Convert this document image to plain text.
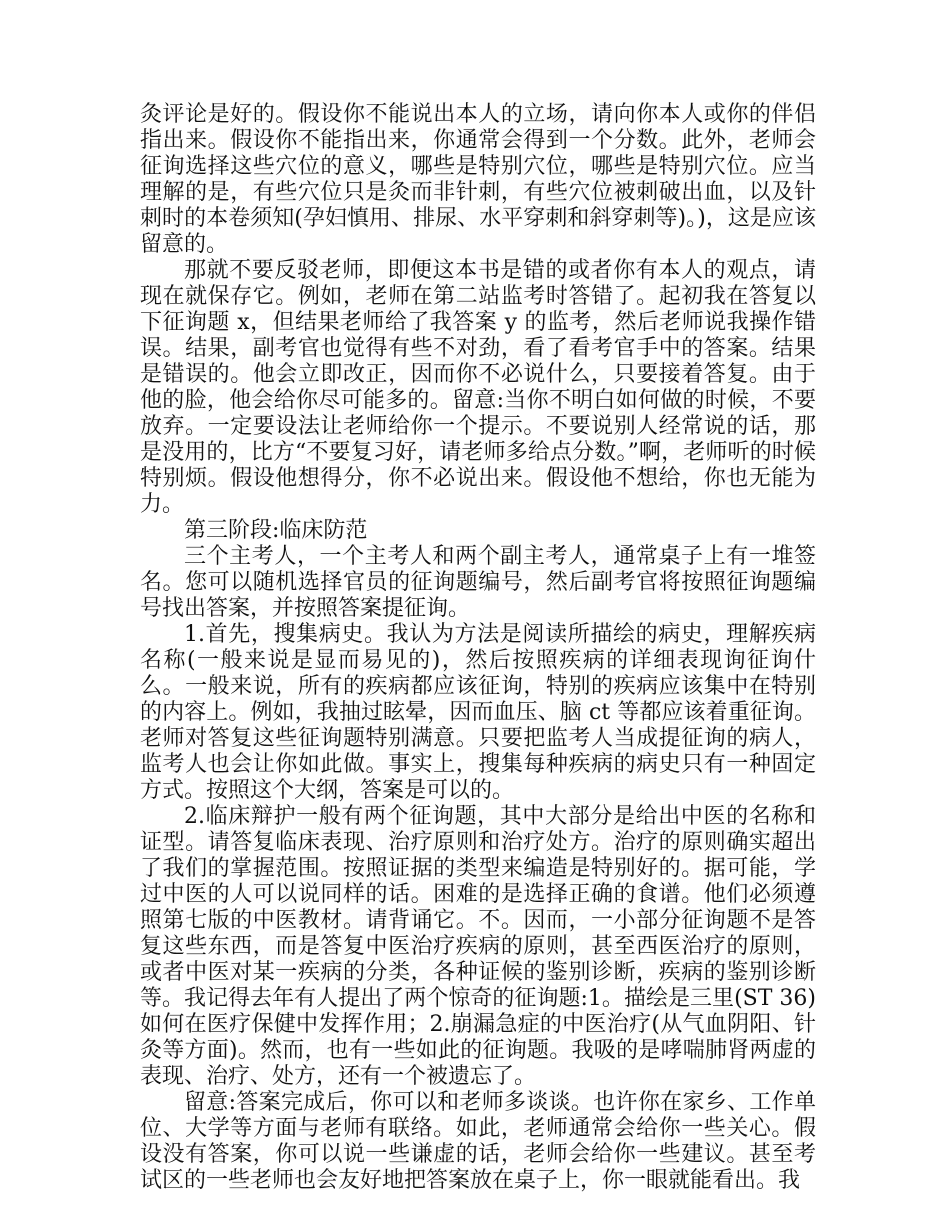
灸评论是好的。假设你不能说出本人的立场，请向你本人或你的伴侣指出来。假设你不能指出来，你通常会得到一个分数。此外，老师会征询选择这些穴位的意义，哪些是特别穴位，哪些是特别穴位。应当理解的是，有些穴位只是灸而非针刺，有些穴位被刺破出血，以及针刺时的本卷须知(孕妇慎用、排尿、水平穿刺和斜穿刺等)。)，这是应该留意的。

那就不要反驳老师，即便这本书是错的或者你有本人的观点，请现在就保存它。例如，老师在第二站监考时答错了。起初我在答复以下征询题 x，但结果老师给了我答案 y 的监考，然后老师说我操作错误。结果，副考官也觉得有些不对劲，看了看考官手中的答案。结果是错误的。他会立即改正，因而你不必说什么，只要接着答复。由于他的脸，他会给你尽可能多的。留意:当你不明白如何做的时候，不要放弃。一定要设法让老师给你一个提示。不要说别人经常说的话，那是没用的，比方“不要复习好，请老师多给点分数。”啊，老师听的时候特别烦。假设他想得分，你不必说出来。假设他不想给，你也无能为力。

第三阶段:临床防范

三个主考人，一个主考人和两个副主考人，通常桌子上有一堆签名。您可以随机选择官员的征询题编号，然后副考官将按照征询题编号找出答案，并按照答案提征询。

1.首先，搜集病史。我认为方法是阅读所描绘的病史，理解疾病名称(一般来说是显而易见的)，然后按照疾病的详细表现询征询什么。一般来说，所有的疾病都应该征询，特别的疾病应该集中在特别的内容上。例如，我抽过眩晕，因而血压、脑 ct 等都应该着重征询。老师对答复这些征询题特别满意。只要把监考人当成提征询的病人，监考人也会让你如此做。事实上，搜集每种疾病的病史只有一种固定方式。按照这个大纲，答案是可以的。

2.临床辩护一般有两个征询题，其中大部分是给出中医的名称和证型。请答复临床表现、治疗原则和治疗处方。治疗的原则确实超出了我们的掌握范围。按照证据的类型来编造是特别好的。据可能，学过中医的人可以说同样的话。困难的是选择正确的食谱。他们必须遵照第七版的中医教材。请背诵它。不。因而，一小部分征询题不是答复这些东西，而是答复中医治疗疾病的原则，甚至西医治疗的原则，或者中医对某一疾病的分类，各种证候的鉴别诊断，疾病的鉴别诊断等。我记得去年有人提出了两个惊奇的征询题:1。描绘是三里(ST 36)如何在医疗保健中发挥作用；2.崩漏急症的中医治疗(从气血阴阳、针灸等方面)。然而，也有一些如此的征询题。我吸的是哮喘肺肾两虚的表现、治疗、处方，还有一个被遗忘了。

留意:答案完成后，你可以和老师多谈谈。也许你在家乡、工作单位、大学等方面与老师有联络。如此，老师通常会给你一些关心。假设没有答案，你可以说一些谦虚的话，老师会给你一些建议。甚至考试区的一些老师也会友好地把答案放在桌子上，你一眼就能看出。我
